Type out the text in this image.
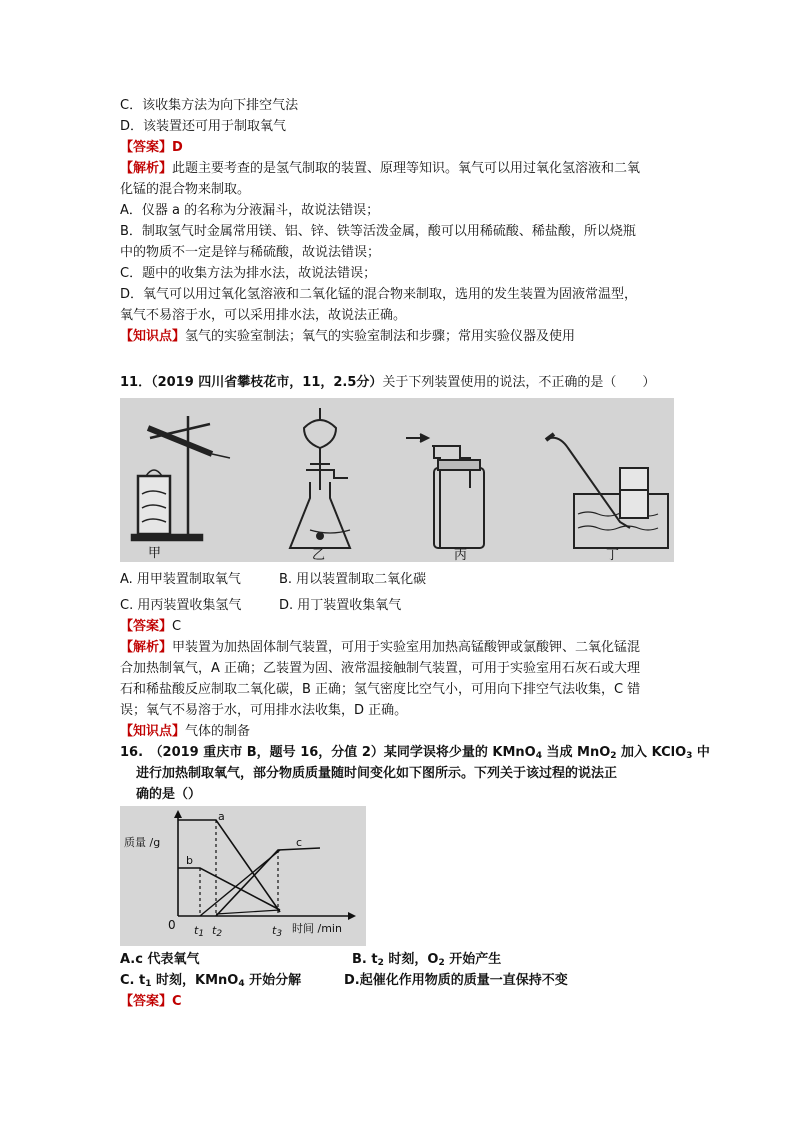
C．该收集方法为向下排空气法
D．该装置还可用于制取氧气
【答案】D
【解析】此题主要考查的是氢气制取的装置、原理等知识。氧气可以用过氧化氢溶液和二氧
化锰的混合物来制取。
A．仪器 a 的名称为分液漏斗，故说法错误；
B．制取氢气时金属常用镁、铝、锌、铁等活泼金属，酸可以用稀硫酸、稀盐酸，所以烧瓶
中的物质不一定是锌与稀硫酸，故说法错误；
C．题中的收集方法为排水法，故说法错误；
D．氧气可以用过氧化氢溶液和二氧化锰的混合物来制取，选用的发生装置为固液常温型，
氧气不易溶于水，可以采用排水法，故说法正确。
【知识点】氢气的实验室制法；氧气的实验室制法和步骤；常用实验仪器及使用
11．（2019 四川省攀枝花市，11，2.5分）关于下列装置使用的说法，不正确的是（　　）
甲	乙	丙	丁
A. 用甲装置制取氧气	B. 用以装置制取二氧化碳
C. 用丙装置收集氢气	D. 用丁装置收集氧气
【答案】C
【解析】甲装置为加热固体制气装置，可用于实验室用加热高锰酸钾或氯酸钾、二氧化锰混
合加热制氧气，A 正确；乙装置为固、液常温接触制气装置，可用于实验室用石灰石或大理
石和稀盐酸反应制取二氧化碳，B 正确；氢气密度比空气小，可用向下排空气法收集，C 错
误；氧气不易溶于水，可用排水法收集，D 正确。
【知识点】气体的制备
16.　（2019 重庆市 B，题号 16，分值 2）某同学误将少量的 KMnO$_4$ 当成 MnO$_2$ 加入 KClO$_3$ 中
进行加热制取氧气，部分物质质量随时间变化如下图所示。下列关于该过程的说法正
确的是（）
质量 /g
时间 /min
0 $t_1$ $t_2$	$t_3$
a
b
c
A.c 代表氧气	B. $t_2$ 时刻，$O_2$ 开始产生
C. $t_1$ 时刻，KMnO$_4$ 开始分解	D.起催化作用物质的质量一直保持不变
【答案】C
